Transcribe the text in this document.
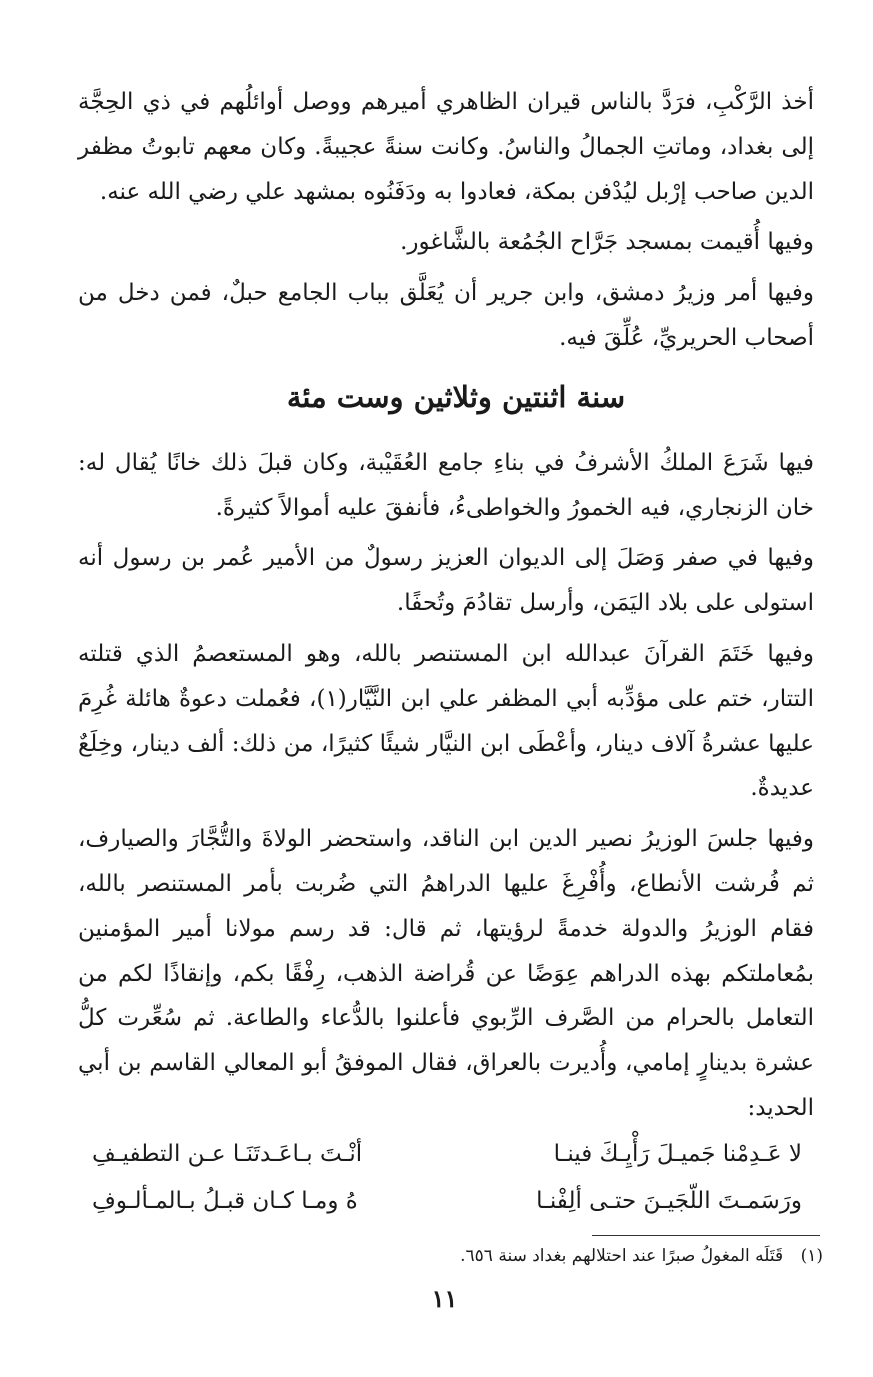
أخذ الرَّكْبِ، فرَدَّ بالناس قيران الظاهري أميرهم ووصل أوائلُهم في ذي الحِجَّة إلى بغداد، وماتتِ الجمالُ والناسُ. وكانت سنةً عجيبةً. وكان معهم تابوتُ مظفر الدين صاحب إرْبل ليُدْفن بمكة، فعادوا به ودَفَنُوه بمشهد علي رضي الله عنه.

وفيها أُقيمت بمسجد جَرَّاح الجُمُعة بالشَّاغور.

وفيها أمر وزيرُ دمشق، وابن جرير أن يُعَلَّق بباب الجامع حبلٌ، فمن دخل من أصحاب الحريريِّ، عُلِّقَ فيه.

سنة اثنتين وثلاثين وست مئة

فيها شَرَعَ الملكُ الأشرفُ في بناءِ جامع العُقَيْبة، وكان قبلَ ذلك خانًا يُقال له: خان الزنجاري، فيه الخمورُ والخواطىءُ، فأنفقَ عليه أموالاً كثيرةً.

وفيها في صفر وَصَلَ إلى الديوان العزيز رسولٌ من الأمير عُمر بن رسول أنه استولى على بلاد اليَمَن، وأرسل تقادُمَ وتُحفًا.

وفيها خَتَمَ القرآنَ عبدالله ابن المستنصر بالله، وهو المستعصمُ الذي قتلته التتار، ختم على مؤدِّبه أبي المظفر علي ابن النَّيَّار(١)، فعُملت دعوةٌ هائلة غُرِمَ عليها عشرةُ آلاف دينار، وأعْطَى ابن النيَّار شيئًا كثيرًا، من ذلك: ألف دينار، وخِلَعٌ عديدةٌ.

وفيها جلسَ الوزيرُ نصير الدين ابن الناقد، واستحضر الولاةَ والتُّجَّارَ والصيارف، ثم فُرشت الأنطاع، وأُفْرِغَ عليها الدراهمُ التي ضُربت بأمر المستنصر بالله، فقام الوزيرُ والدولة خدمةً لرؤيتها، ثم قال: قد رسم مولانا أمير المؤمنين بمُعاملتكم بهذه الدراهم عِوَضًا عن قُراضة الذهب، رِفْقًا بكم، وإنقاذًا لكم من التعامل بالحرام من الصَّرف الرِّبوي فأعلنوا بالدُّعاء والطاعة. ثم سُعِّرت كلُّ عشرة بدينارٍ إمامي، وأُديرت بالعراق، فقال الموفقُ أبو المعالي القاسم بن أبي الحديد:

لا عَـدِمْنا جَميـلَ رَأْيِـكَ فينـا
أنْـتَ بـاعَـدتَنَـا عـن التطفيـفِ
ورَسَمـتَ اللّجَيـنَ حتـى ألِفْنـا
هُ ومـا كـان قبـلُ بـالمـألـوفِ
(١) قَتَلَه المغولُ صبرًا عند احتلالهم بغداد سنة ٦٥٦.
١١
